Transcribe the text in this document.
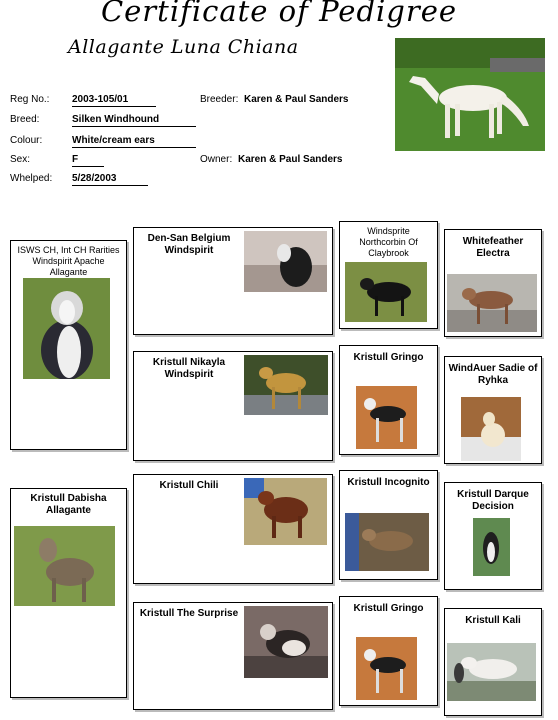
Certificate of Pedigree
Allagante Luna Chiana
Reg No.: 2003-105/01
Breed:	Silken Windhound
Colour:	White/cream ears
Sex:	F
Whelped: 5/28/2003
Breeder: Karen & Paul Sanders
Owner: Karen & Paul Sanders
ISWS CH, Int CH Rarities Windspirit Apache Allagante
Kristull Dabisha Allagante
Den-San Belgium Windspirit
Kristull Nikayla Windspirit
Kristull Chili
Kristull The Surprise
Windsprite Northcorbin Of Claybrook
Whitefeather Electra
Kristull Gringo
WindAuer Sadie of Ryhka
Kristull Incognito
Kristull Darque Decision
Kristull Gringo
Kristull Kali
